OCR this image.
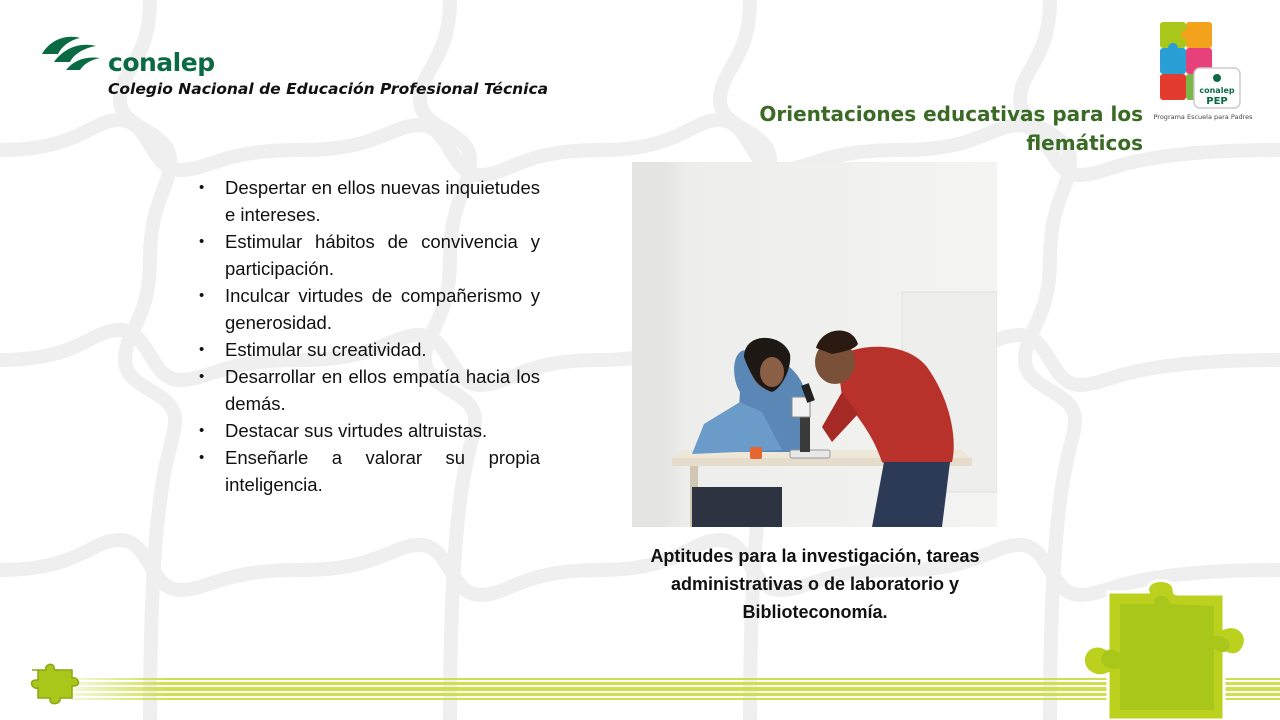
conalep
Colegio Nacional de Educación Profesional Técnica	conalep
PEP
Programa Escuela para Padres
Orientaciones educativas para los flemáticos
• Despertar en ellos nuevas inquietudes e intereses.
• Estimular hábitos de convivencia y participación.
• Inculcar virtudes de compañerismo y generosidad.
• Estimular su creatividad.
• Desarrollar en ellos empatía hacia los demás.
• Destacar sus virtudes altruistas.
• Enseñarle a valorar su propia inteligencia.
Aptitudes para la investigación, tareas administrativas o de laboratorio y Biblioteconomía.
